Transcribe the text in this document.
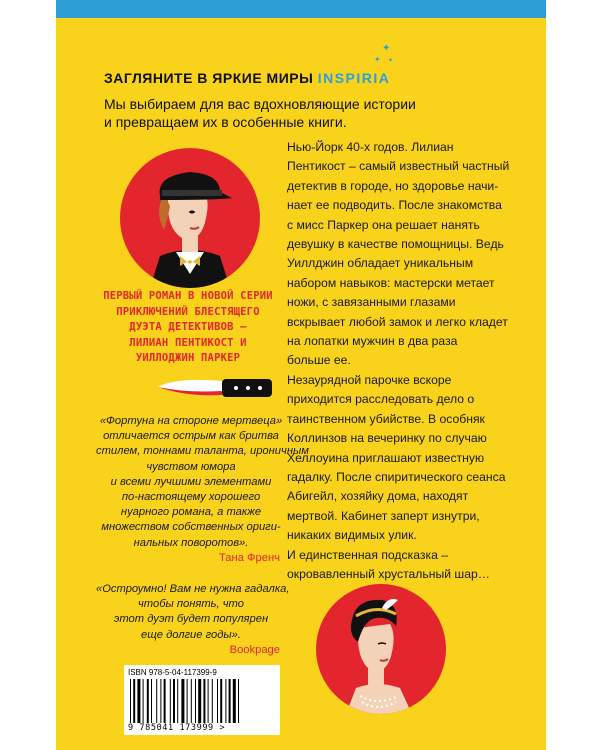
✦
✦ ✦
ЗАГЛЯНИТЕ В ЯРКИЕ МИРЫ INSPIRIA
Мы выбираем для вас вдохновляющие истории
и превращаем их в особенные книги.
ПЕРВЫЙ РОМАН В НОВОЙ СЕРИИ
ПРИКЛЮЧЕНИЙ БЛЕСТЯЩЕГО
ДУЭТА ДЕТЕКТИВОВ –
ЛИЛИАН ПЕНТИКОСТ И
УИЛЛОДЖИН ПАРКЕР

Нью-Йорк 40-х годов. Лилиан
Пентикост – самый известный частный
детектив в городе, но здоровье начи-
нает ее подводить. После знакомства
с мисс Паркер она решает нанять
девушку в качестве помощницы. Ведь
Уиллджин обладает уникальным
набором навыков: мастерски метает
ножи, с завязанными глазами
вскрывает любой замок и легко кладет
на лопатки мужчин в два раза
больше ее.

Незаурядной парочке вскоре
приходится расследовать дело о
таинственном убийстве. В особняк
Коллинзов на вечеринку по случаю
Хеллоуина приглашают известную
гадалку. После спиритического сеанса
Абигейл, хозяйку дома, находят
мертвой. Кабинет заперт изнутри,
никаких видимых улик.
И единственная подсказка –
окровавленный хрустальный шар…

«Фортуна на стороне мертвеца»
отличается острым как бритва
стилем, тоннами таланта, ироничным
чувством юмора
и всеми лучшими элементами
по-настоящему хорошего
нуарного романа, а также
множеством собственных ориги-
нальных поворотов».
Тана Френч
«Остроумно! Вам не нужна гадалка,
чтобы понять, что
этот дуэт будет популярен
еще долгие годы».
Bookpage
ISBN 978-5-04-117399-9
9 785041 173999 >
